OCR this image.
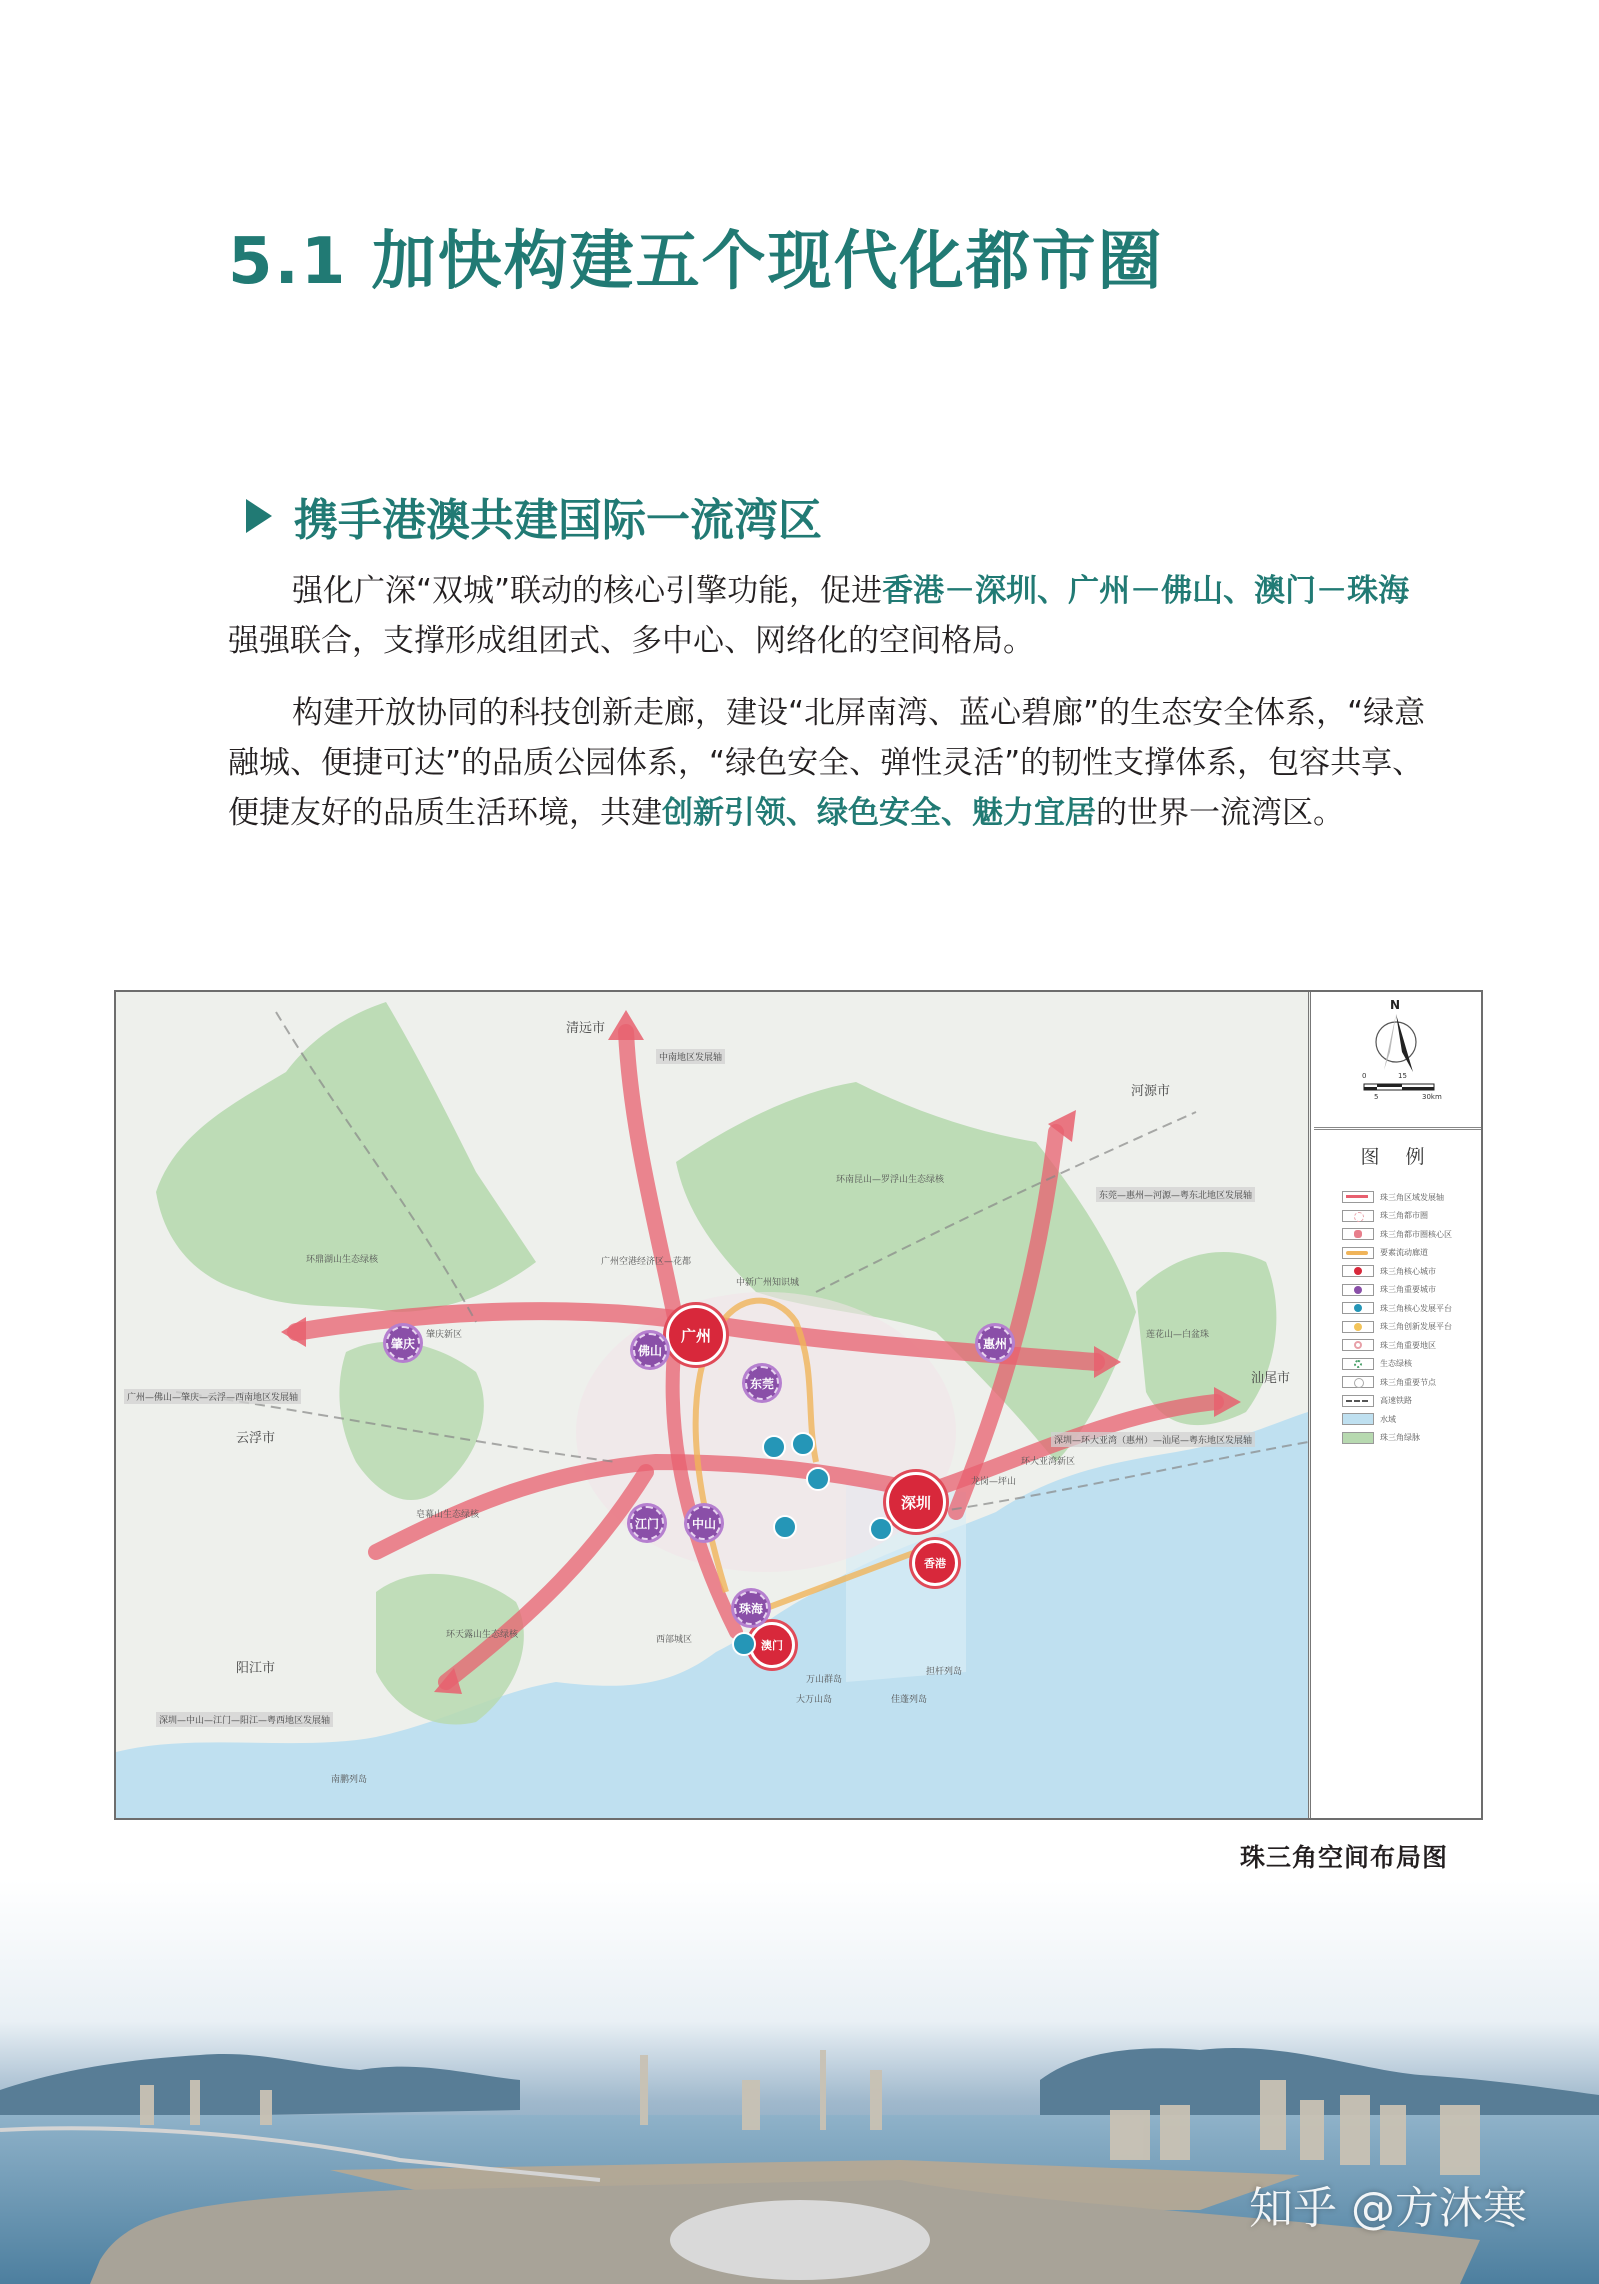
5.1 加快构建五个现代化都市圈
携手港澳共建国际一流湾区
强化广深“双城”联动的核心引擎功能，促进香港－深圳、广州－佛山、澳门－珠海强强联合，支撑形成组团式、多中心、网络化的空间格局。
构建开放协同的科技创新走廊，建设“北屏南湾、蓝心碧廊”的生态安全体系，“绿意融城、便捷可达”的品质公园体系，“绿色安全、弹性灵活”的韧性支撑体系，包容共享、便捷友好的品质生活环境，共建创新引领、绿色安全、魅力宜居的世界一流湾区。
清远市
河源市
云浮市
汕尾市
阳江市
中南地区发展轴
东莞—惠州—河源—粤东北地区发展轴
广州—佛山—肇庆—云浮—西南地区发展轴
深圳—环大亚湾（惠州）—汕尾—粤东地区发展轴
深圳—中山—江门—阳江—粤西地区发展轴
广州空港经济区—花都
中新广州知识城
环天露山生态绿核
环鼎湖山生态绿核
环南昆山—罗浮山生态绿核
莲花山—白盆珠
皂幕山生态绿核
肇庆新区
环大亚湾新区
龙岗—坪山
西部城区
万山群岛
大万山岛	佳蓬列岛
担杆列岛
南鹏列岛
广州
深圳
香港
澳门
佛山
肇庆
东莞
惠州
江门	中山
珠海
N
0	15
5	30km
图 例
珠三角区域发展轴
珠三角都市圈
珠三角都市圈核心区
要素流动廊道
珠三角核心城市
珠三角重要城市
珠三角核心发展平台
珠三角创新发展平台
珠三角重要地区
生态绿核
珠三角重要节点
高速铁路
水域
珠三角绿脉
珠三角空间布局图
知乎 @方沐寒
